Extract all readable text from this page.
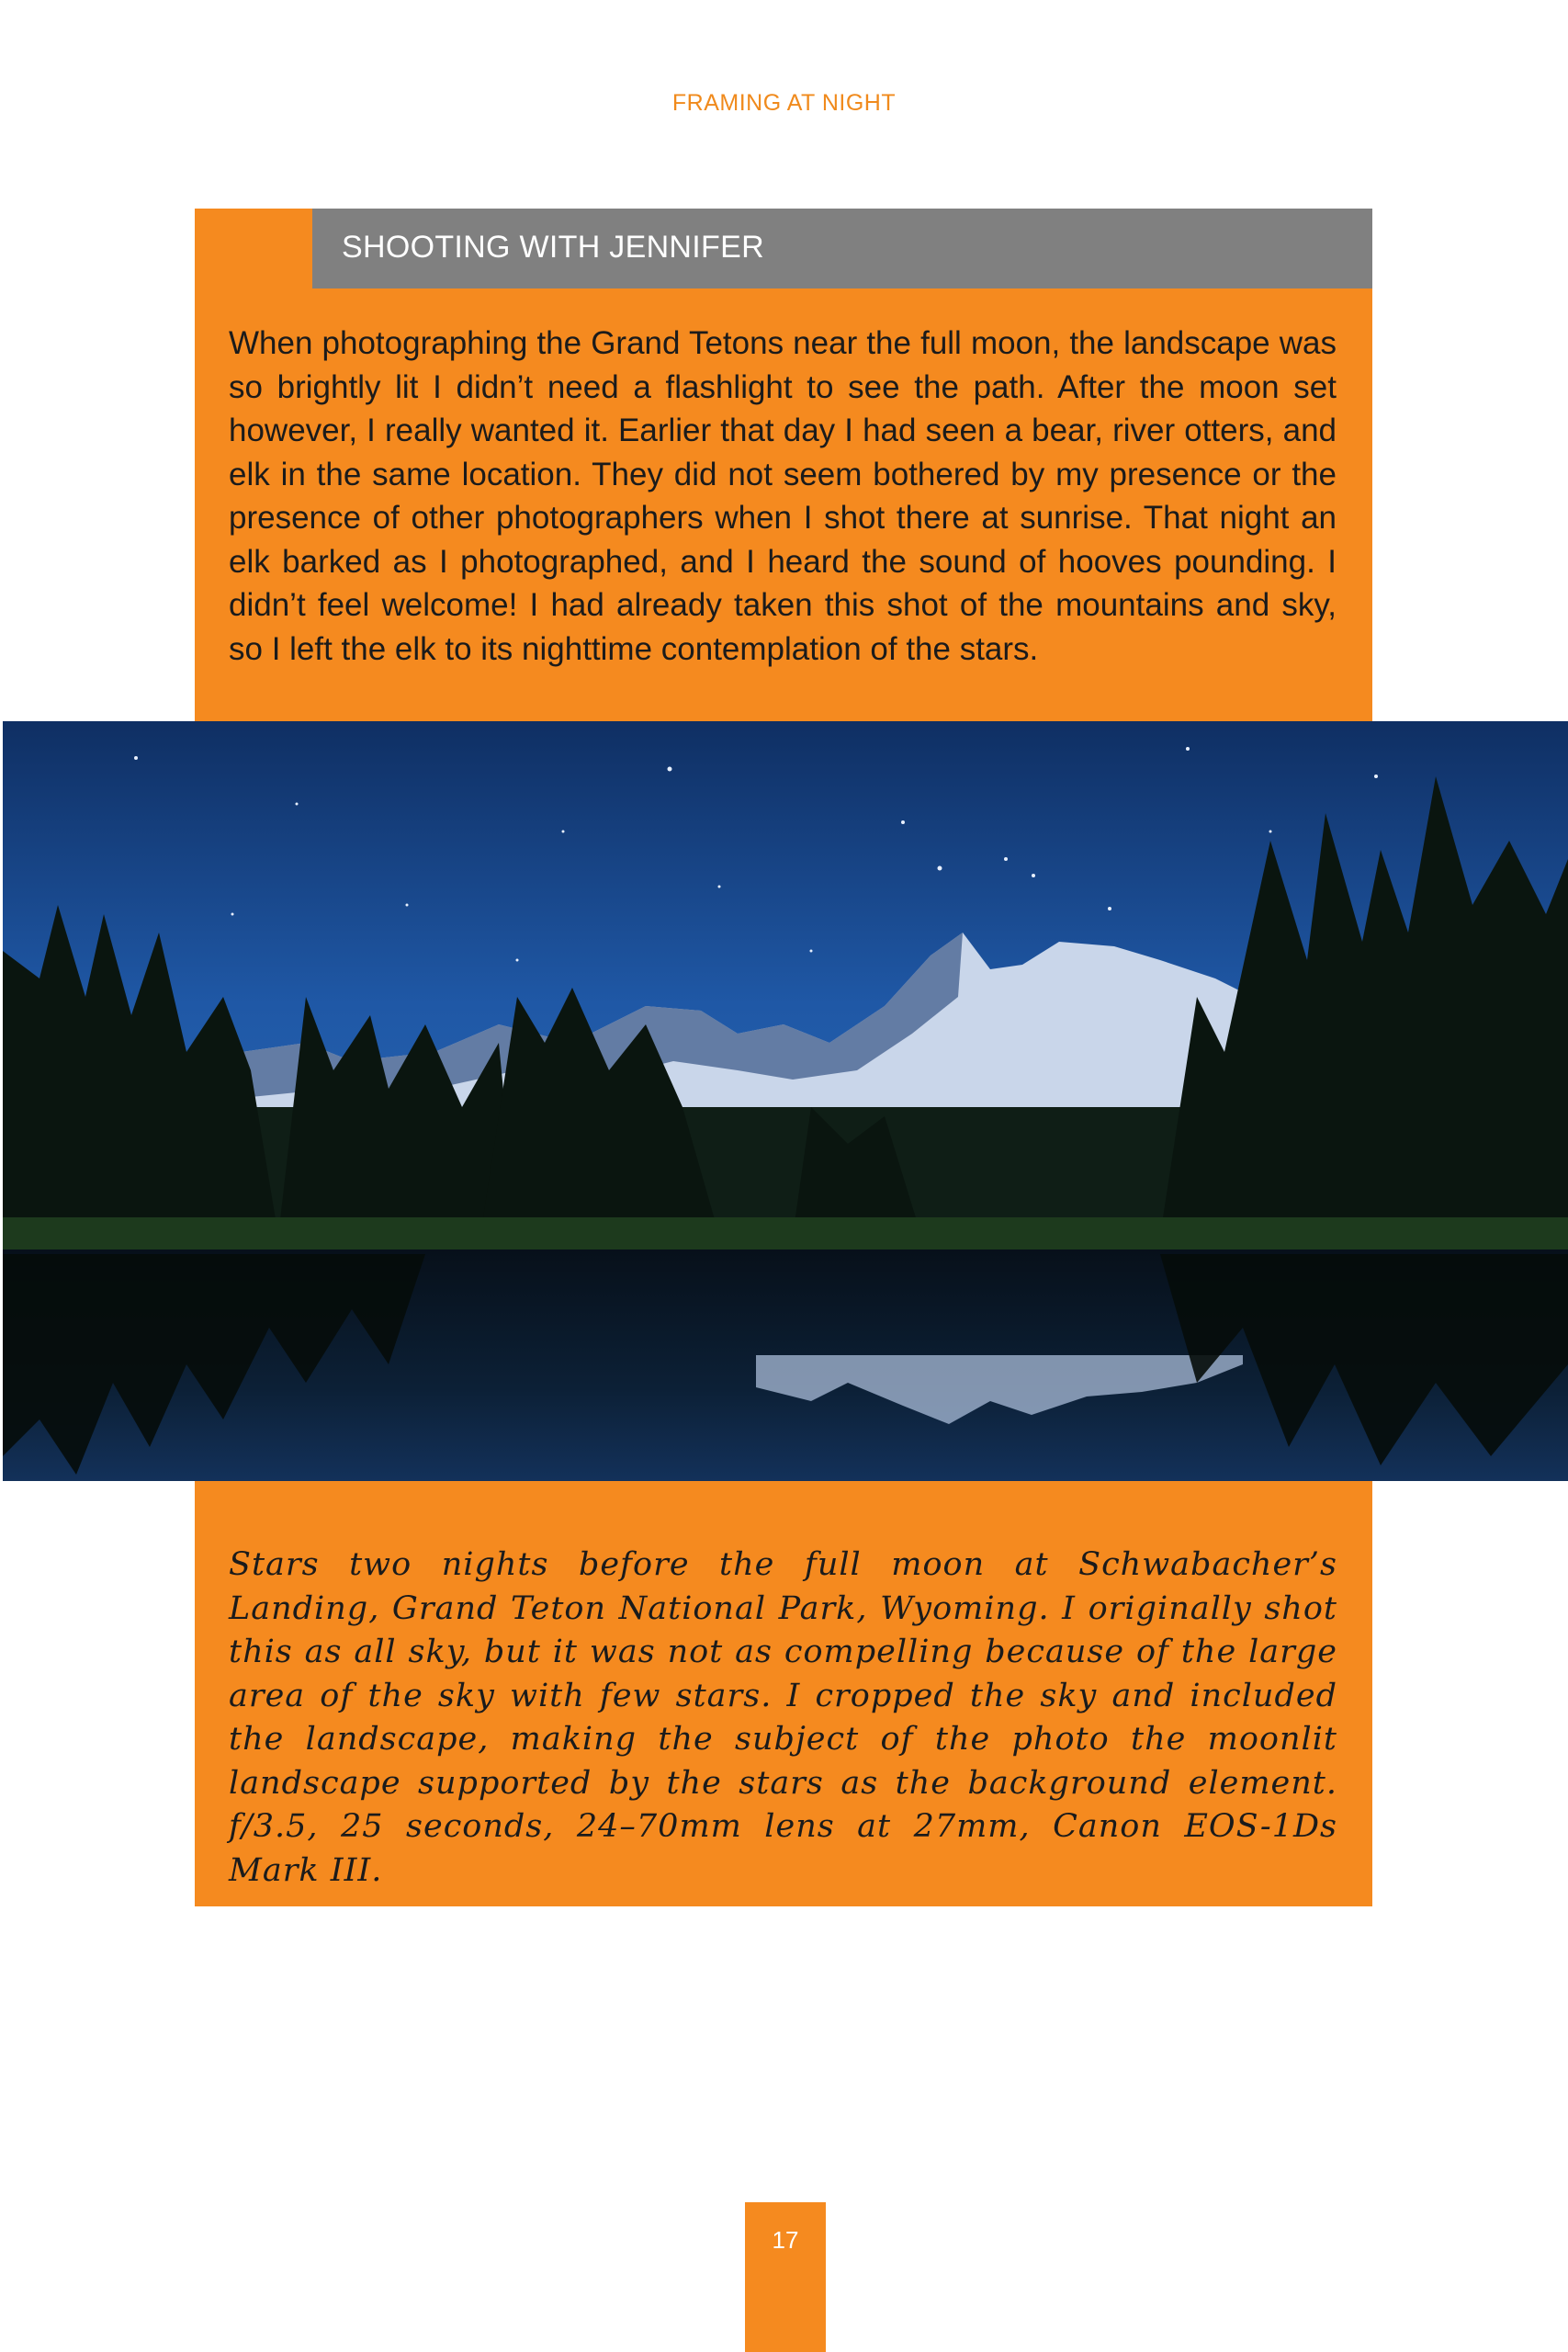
FRAMING AT NIGHT
SHOOTING WITH JENNIFER

When photographing the Grand Tetons near the full moon, the landscape was so brightly lit I didn’t need a flashlight to see the path. After the moon set however, I really wanted it. Earlier that day I had seen a bear, river otters, and elk in the same location. They did not seem bothered by my presence or the presence of other photographers when I shot there at sunrise. That night an elk barked as I photographed, and I heard the sound of hooves pounding. I didn’t feel welcome! I had already taken this shot of the mountains and sky, so I left the elk to its nighttime contemplation of the stars.

Stars two nights before the full moon at Schwabacher’s Landing, Grand Teton National Park, Wyoming. I originally shot this as all sky, but it was not as compelling because of the large area of the sky with few stars. I cropped the sky and included the landscape, making the subject of the photo the moonlit landscape supported by the stars as the background element. f/3.5, 25 seconds, 24–70mm lens at 27mm, Canon EOS-1Ds Mark III.

17
